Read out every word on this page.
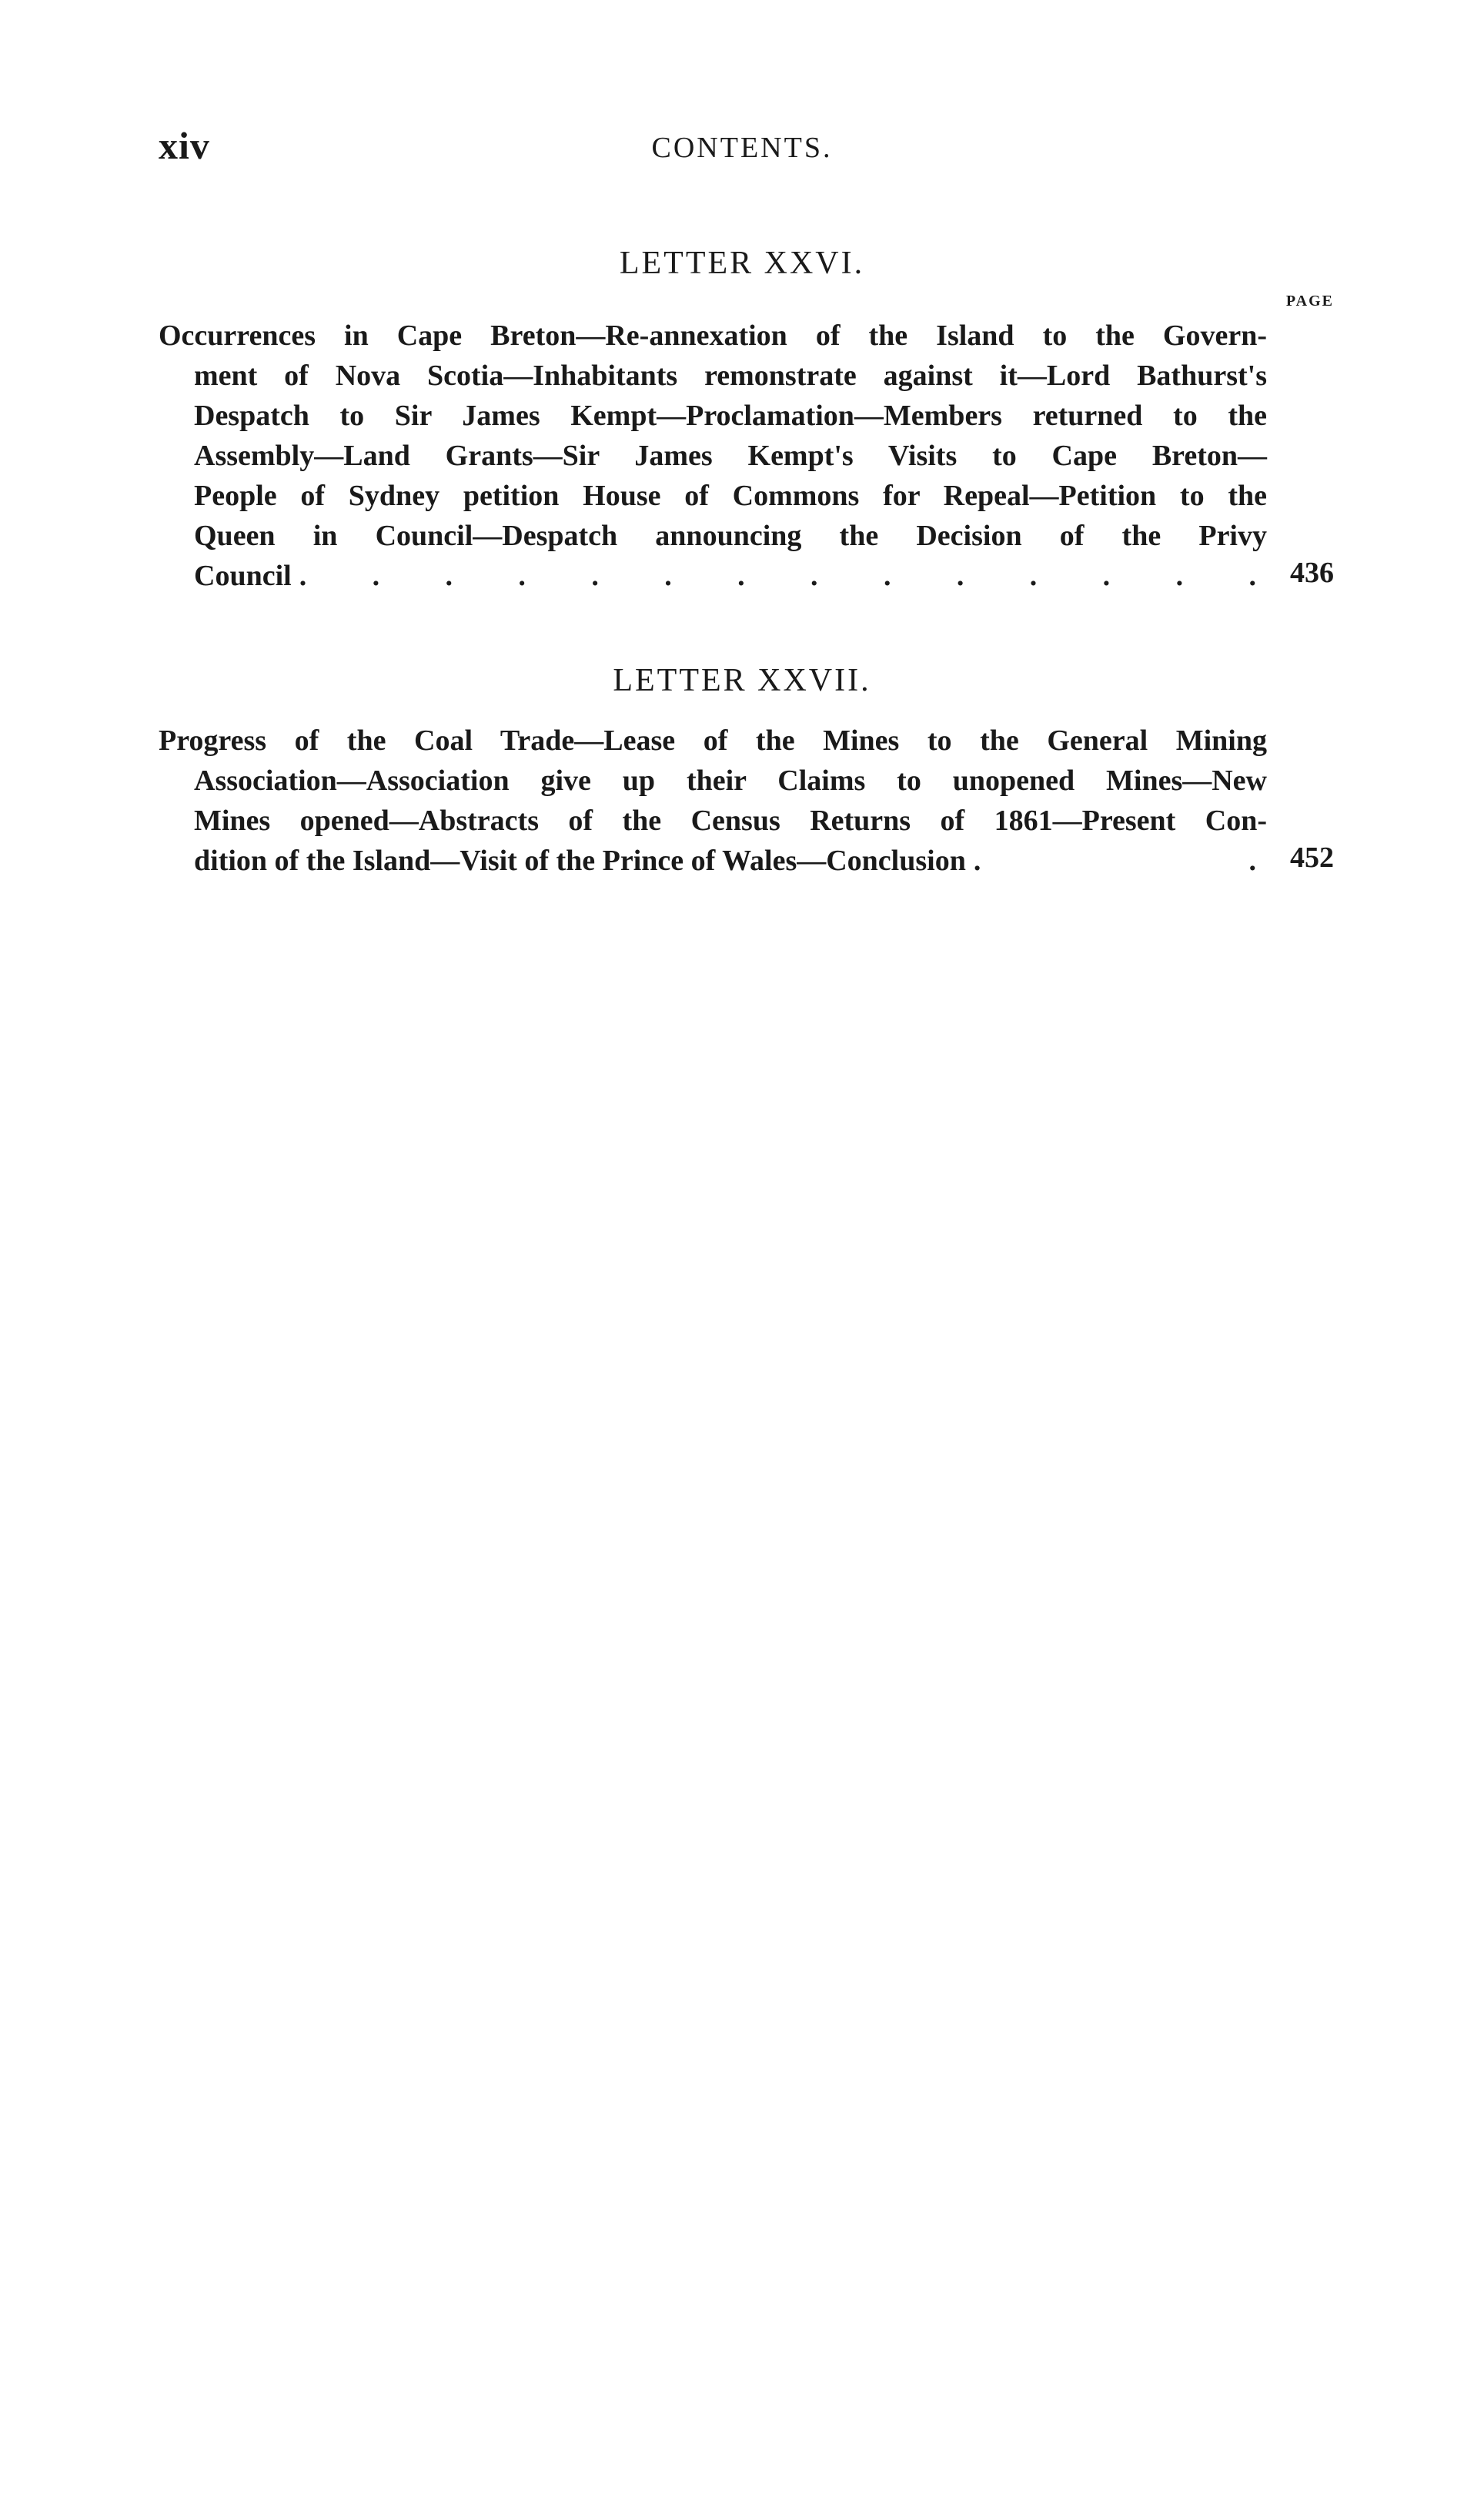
xiv	CONTENTS.
LETTER XXVI.
PAGE
Occurrences in Cape Breton—Re-annexation of the Island to the Govern-
ment of Nova Scotia—Inhabitants remonstrate against it—Lord Bathurst's
Despatch to Sir James Kempt—Proclamation—Members returned to the
Assembly—Land Grants—Sir James Kempt's Visits to Cape Breton—
People of Sydney petition House of Commons for Repeal—Petition to the
Queen in Council—Despatch announcing the Decision of the Privy
Council . . . . . . . . . . . . . . 436
LETTER XXVII.
Progress of the Coal Trade—Lease of the Mines to the General Mining
Association—Association give up their Claims to unopened Mines—New
Mines opened—Abstracts of the Census Returns of 1861—Present Con-
dition of the Island—Visit of the Prince of Wales—Conclusion . . 452
